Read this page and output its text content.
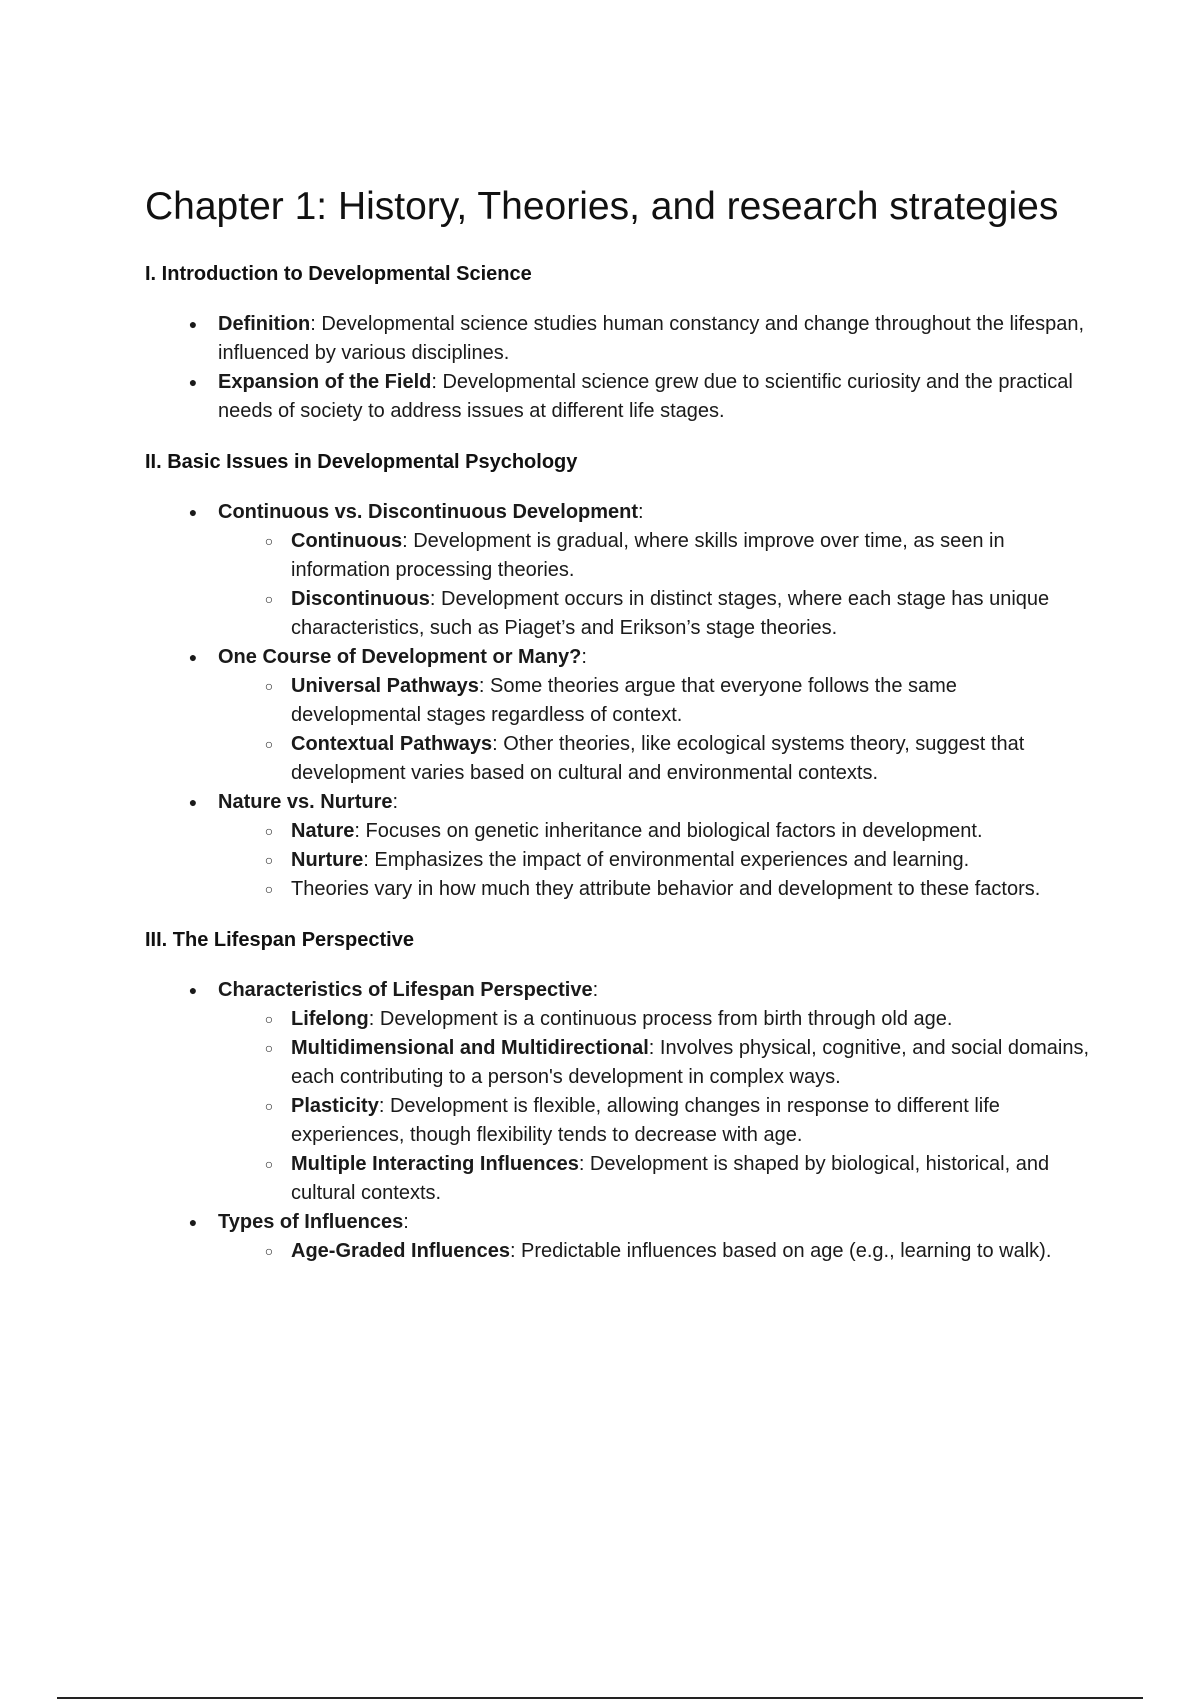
Chapter 1: History, Theories, and research strategies
I. Introduction to Developmental Science
● Definition: Developmental science studies human constancy and change throughout the lifespan, influenced by various disciplines.
● Expansion of the Field: Developmental science grew due to scientific curiosity and the practical needs of society to address issues at different life stages.
II. Basic Issues in Developmental Psychology
● Continuous vs. Discontinuous Development:
○ Continuous: Development is gradual, where skills improve over time, as seen in information processing theories.
○ Discontinuous: Development occurs in distinct stages, where each stage has unique characteristics, such as Piaget’s and Erikson’s stage theories.
● One Course of Development or Many?:
○ Universal Pathways: Some theories argue that everyone follows the same developmental stages regardless of context.
○ Contextual Pathways: Other theories, like ecological systems theory, suggest that development varies based on cultural and environmental contexts.
● Nature vs. Nurture:
○ Nature: Focuses on genetic inheritance and biological factors in development.
○ Nurture: Emphasizes the impact of environmental experiences and learning.
○ Theories vary in how much they attribute behavior and development to these factors.
III. The Lifespan Perspective
● Characteristics of Lifespan Perspective:
○ Lifelong: Development is a continuous process from birth through old age.
○ Multidimensional and Multidirectional: Involves physical, cognitive, and social domains, each contributing to a person's development in complex ways.
○ Plasticity: Development is flexible, allowing changes in response to different life experiences, though flexibility tends to decrease with age.
○ Multiple Interacting Influences: Development is shaped by biological, historical, and cultural contexts.
● Types of Influences:
○ Age-Graded Influences: Predictable influences based on age (e.g., learning to walk).
